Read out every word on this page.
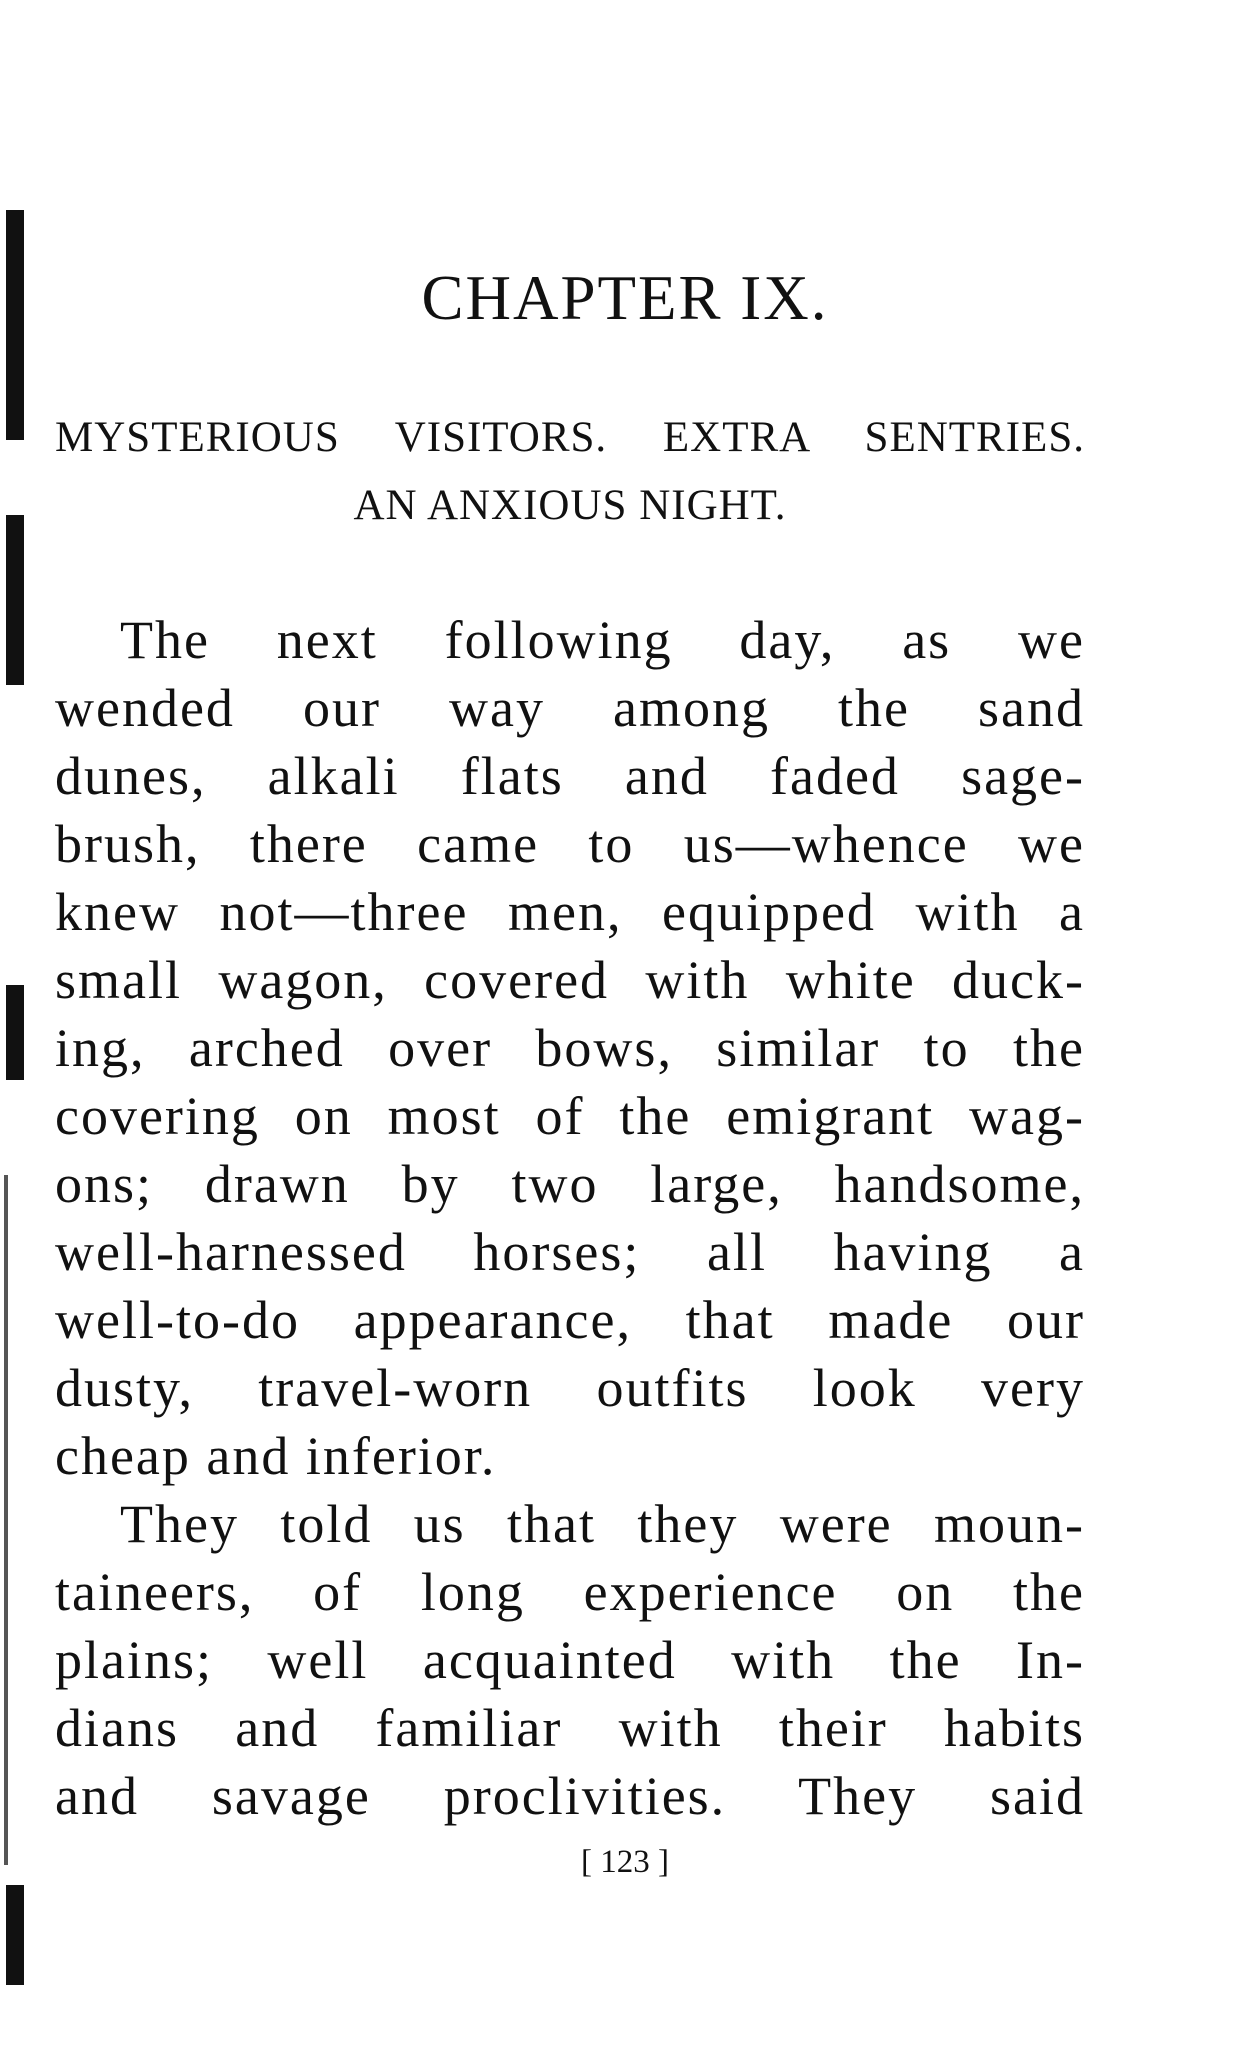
CHAPTER IX.
MYSTERIOUS VISITORS. EXTRA SENTRIES.
AN ANXIOUS NIGHT.
The next following day, as we
wended our way among the sand
dunes, alkali flats and faded sage-
brush, there came to us—whence we
knew not—three men, equipped with a
small wagon, covered with white duck-
ing, arched over bows, similar to the
covering on most of the emigrant wag-
ons; drawn by two large, handsome,
well-harnessed horses; all having a
well-to-do appearance, that made our
dusty, travel-worn outfits look very
cheap and inferior.
They told us that they were moun-
taineers, of long experience on the
plains; well acquainted with the In-
dians and familiar with their habits
and savage proclivities. They said
[ 123 ]
